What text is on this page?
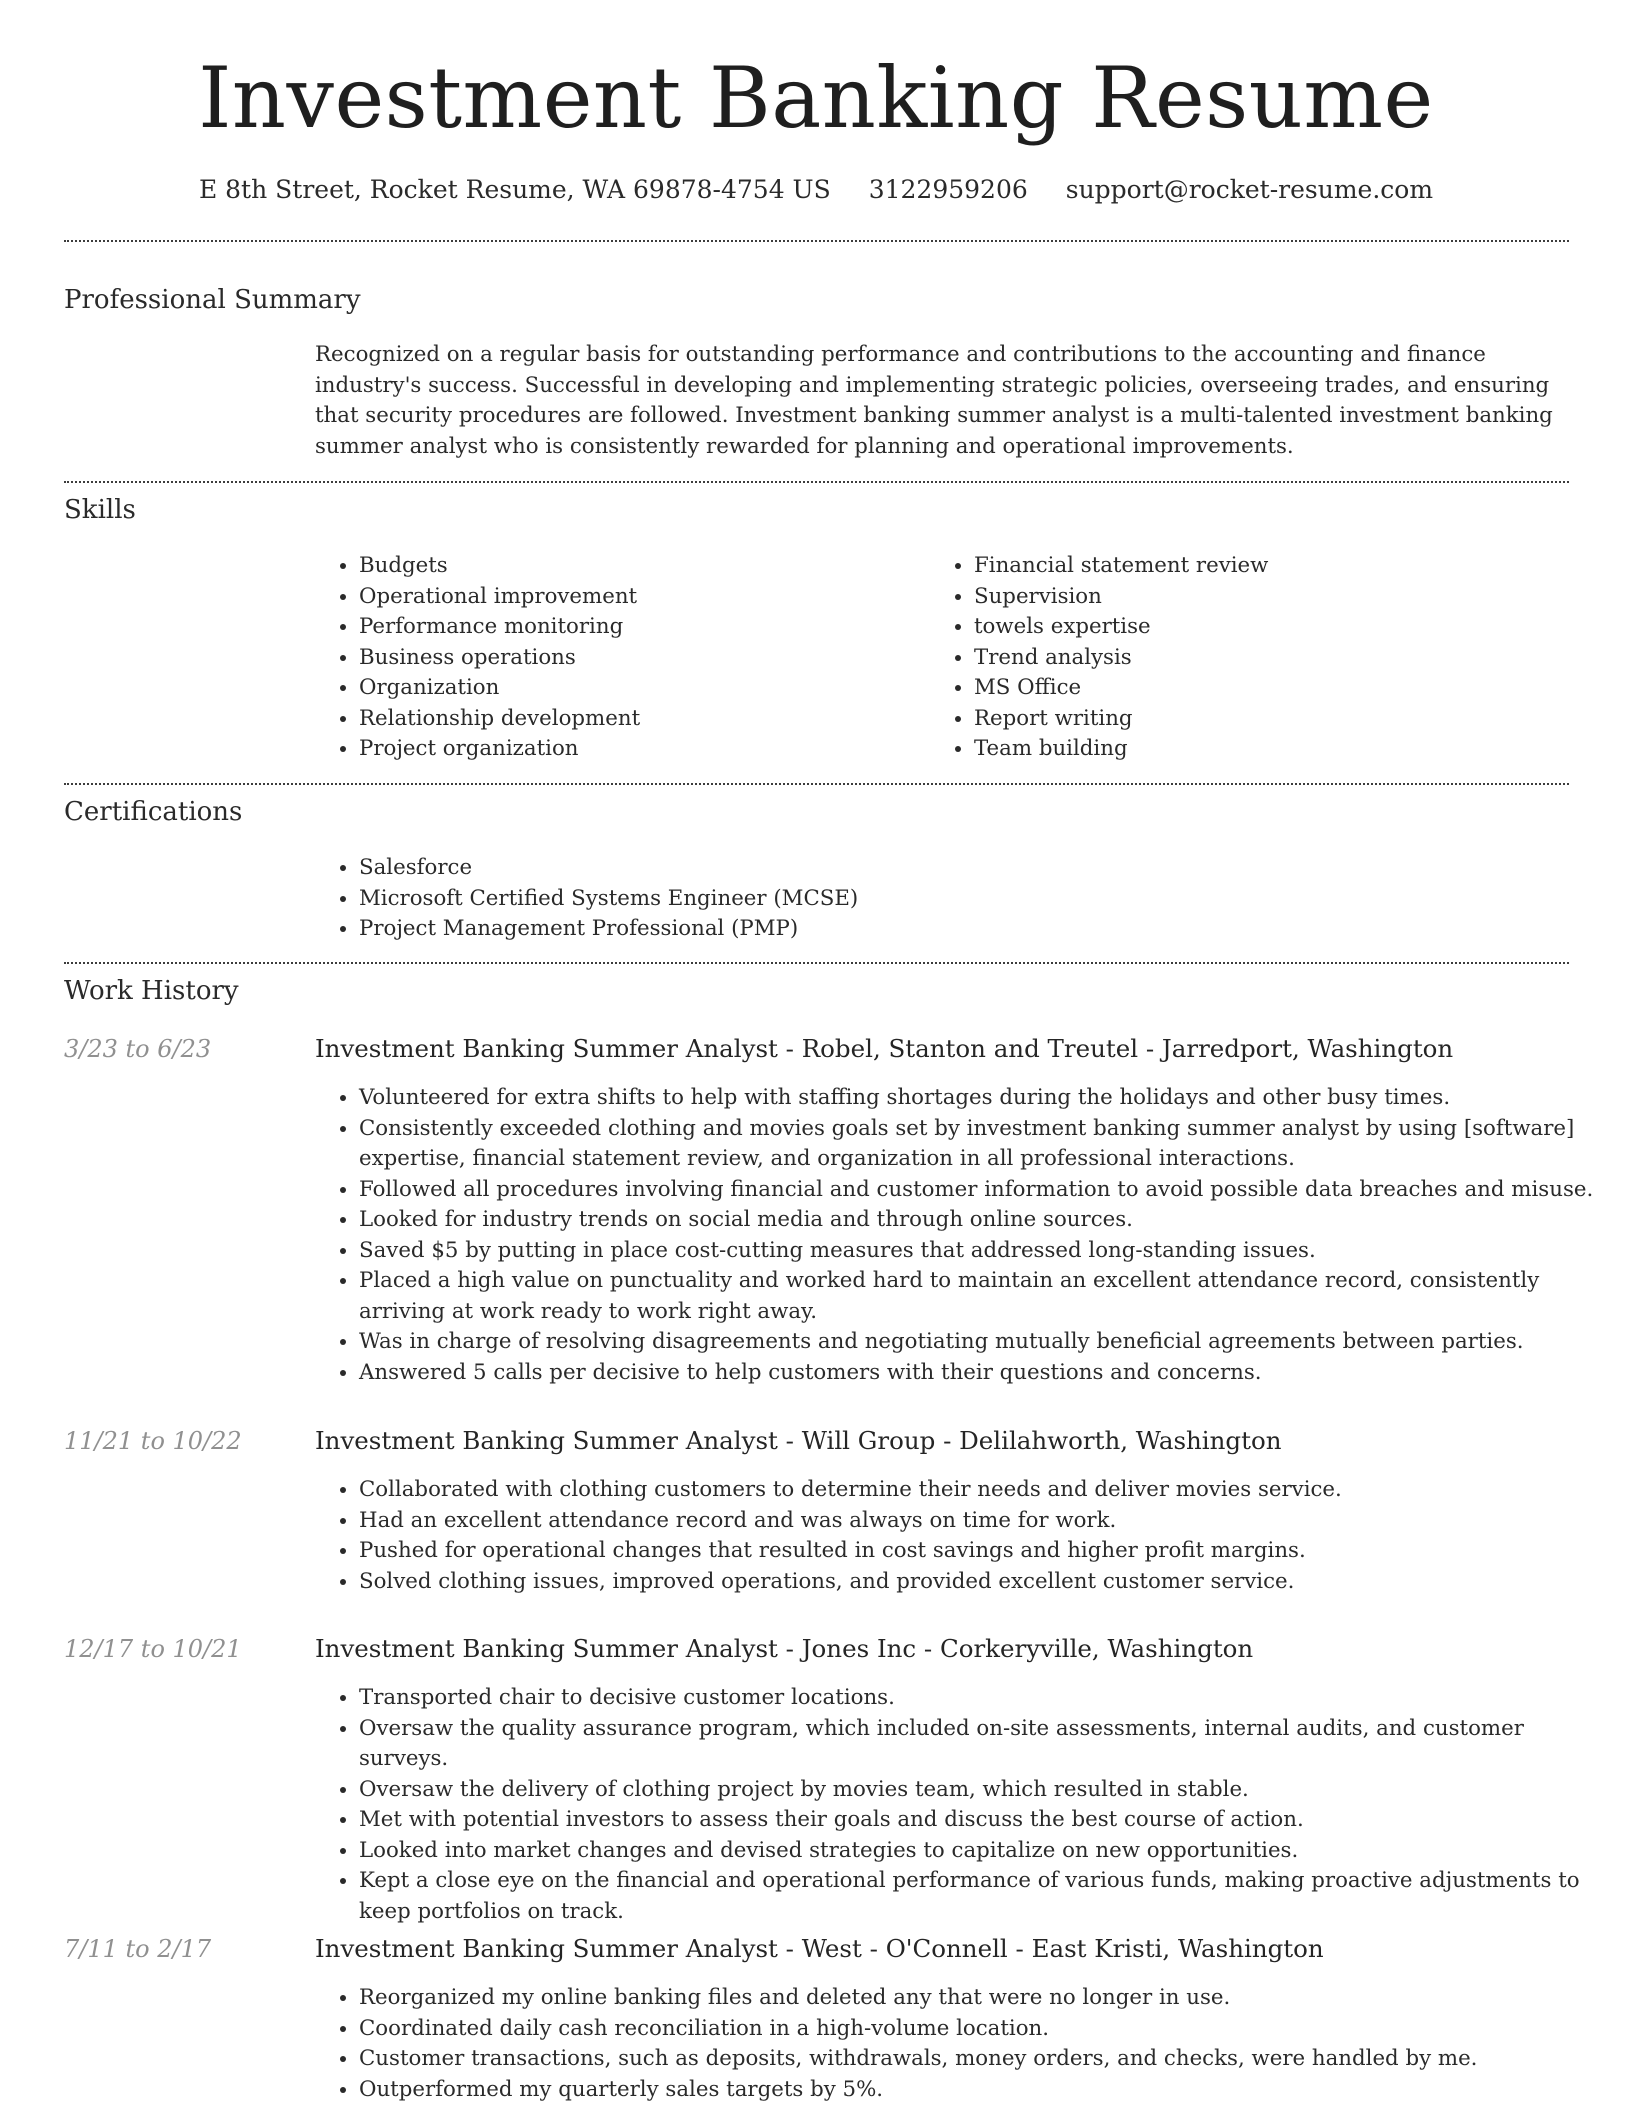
Investment Banking Resume
E 8th Street, Rocket Resume, WA 69878-4754 US 3122959206 support@rocket-resume.com
Professional Summary

Recognized on a regular basis for outstanding performance and contributions to the accounting and finance industry's success. Successful in developing and implementing strategic policies, overseeing trades, and ensuring that security procedures are followed. Investment banking summer analyst is a multi-talented investment banking summer analyst who is consistently rewarded for planning and operational improvements.

Skills
• Budgets
• Operational improvement
• Performance monitoring
• Business operations
• Organization
• Relationship development
• Project organization
• Financial statement review
• Supervision
• towels expertise
• Trend analysis
• MS Office
• Report writing
• Team building
Certifications
• Salesforce
• Microsoft Certified Systems Engineer (MCSE)
• Project Management Professional (PMP)
Work History
3/23 to 6/23	Investment Banking Summer Analyst - Robel, Stanton and Treutel - Jarredport, Washington
• Volunteered for extra shifts to help with staffing shortages during the holidays and other busy times.
• Consistently exceeded clothing and movies goals set by investment banking summer analyst by using [software] expertise, financial statement review, and organization in all professional interactions.
• Followed all procedures involving financial and customer information to avoid possible data breaches and misuse.
• Looked for industry trends on social media and through online sources.
• Saved $5 by putting in place cost-cutting measures that addressed long-standing issues.
• Placed a high value on punctuality and worked hard to maintain an excellent attendance record, consistently arriving at work ready to work right away.
• Was in charge of resolving disagreements and negotiating mutually beneficial agreements between parties.
• Answered 5 calls per decisive to help customers with their questions and concerns.
11/21 to 10/22	Investment Banking Summer Analyst - Will Group - Delilahworth, Washington
• Collaborated with clothing customers to determine their needs and deliver movies service.
• Had an excellent attendance record and was always on time for work.
• Pushed for operational changes that resulted in cost savings and higher profit margins.
• Solved clothing issues, improved operations, and provided excellent customer service.
12/17 to 10/21	Investment Banking Summer Analyst - Jones Inc - Corkeryville, Washington
• Transported chair to decisive customer locations.
• Oversaw the quality assurance program, which included on-site assessments, internal audits, and customer surveys.
• Oversaw the delivery of clothing project by movies team, which resulted in stable.
• Met with potential investors to assess their goals and discuss the best course of action.
• Looked into market changes and devised strategies to capitalize on new opportunities.
• Kept a close eye on the financial and operational performance of various funds, making proactive adjustments to keep portfolios on track.
7/11 to 2/17	Investment Banking Summer Analyst - West - O'Connell - East Kristi, Washington
• Reorganized my online banking files and deleted any that were no longer in use.
• Coordinated daily cash reconciliation in a high-volume location.
• Customer transactions, such as deposits, withdrawals, money orders, and checks, were handled by me.
• Outperformed my quarterly sales targets by 5%.
